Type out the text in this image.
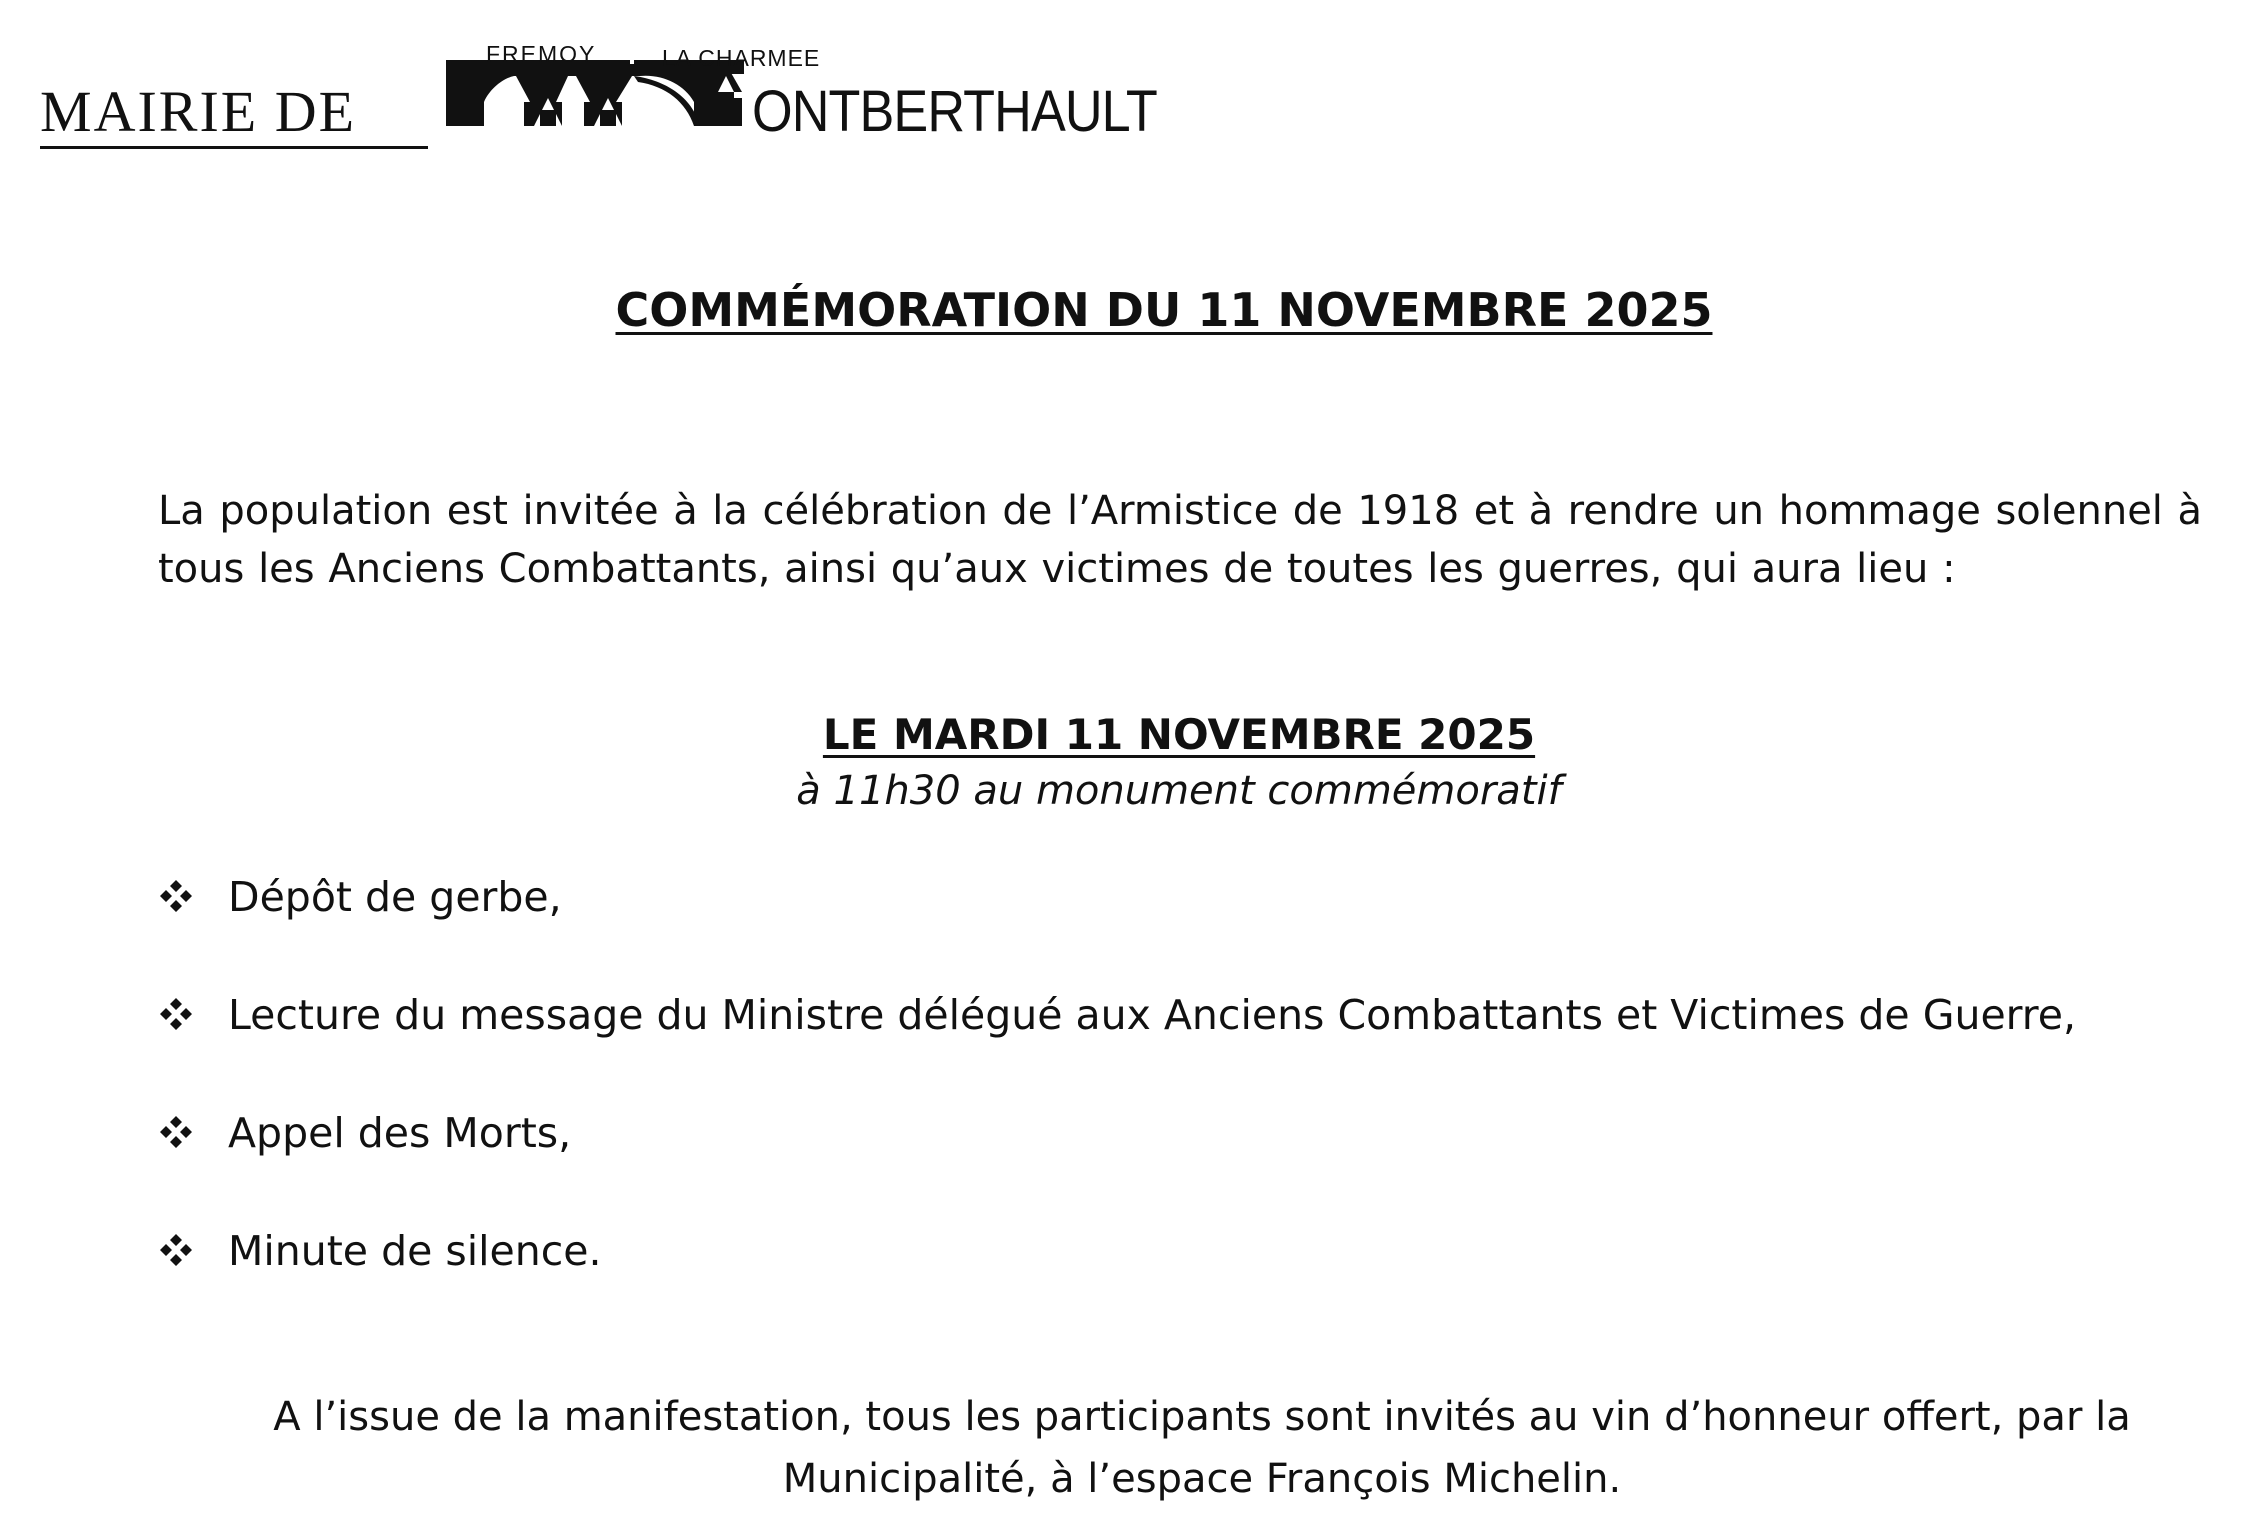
MAIRIE DE
FREMOY	LA CHARMEE
ONTBERTHAULT
COMMÉMORATION DU 11 NOVEMBRE 2025

La population est invitée à la célébration de l’Armistice de 1918 et à rendre un hommage solennel à tous les Anciens Combattants, ainsi qu’aux victimes de toutes les guerres, qui aura lieu :

LE MARDI 11 NOVEMBRE 2025

à 11h30 au monument commémoratif

Dépôt de gerbe,
Lecture du message du Ministre délégué aux Anciens Combattants et Victimes de Guerre,
Appel des Morts,
Minute de silence.

A l’issue de la manifestation, tous les participants sont invités au vin d’honneur offert, par la
Municipalité, à l’espace François Michelin.
